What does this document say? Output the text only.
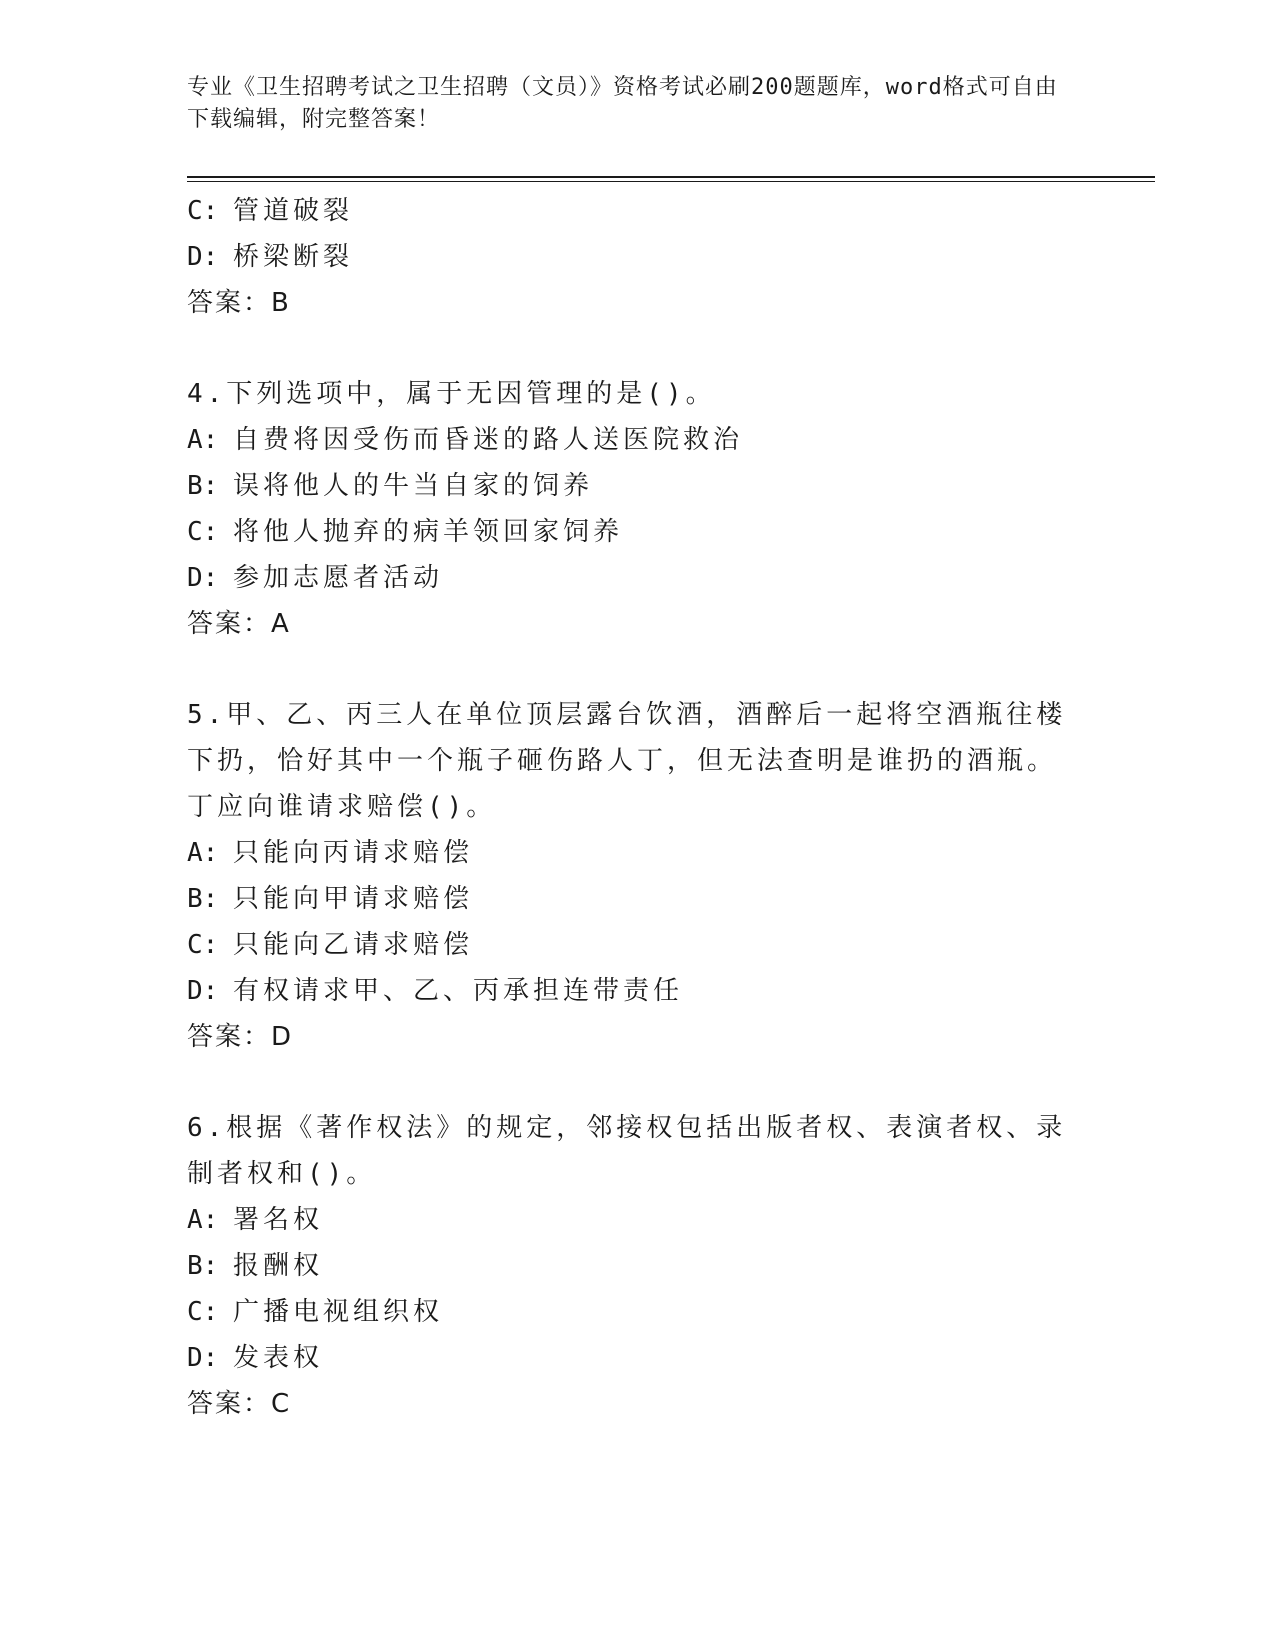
专业《卫生招聘考试之卫生招聘（文员）》资格考试必刷200题题库，word格式可自由下载编辑，附完整答案！
C: 管道破裂
D: 桥梁断裂
答案：B
4.下列选项中，属于无因管理的是()。
A: 自费将因受伤而昏迷的路人送医院救治
B: 误将他人的牛当自家的饲养
C: 将他人抛弃的病羊领回家饲养
D: 参加志愿者活动
答案：A
5.甲、乙、丙三人在单位顶层露台饮酒，酒醉后一起将空酒瓶往楼下扔，恰好其中一个瓶子砸伤路人丁，但无法查明是谁扔的酒瓶。丁应向谁请求赔偿()。
A: 只能向丙请求赔偿
B: 只能向甲请求赔偿
C: 只能向乙请求赔偿
D: 有权请求甲、乙、丙承担连带责任
答案：D
6.根据《著作权法》的规定，邻接权包括出版者权、表演者权、录制者权和()。
A: 署名权
B: 报酬权
C: 广播电视组织权
D: 发表权
答案：C
